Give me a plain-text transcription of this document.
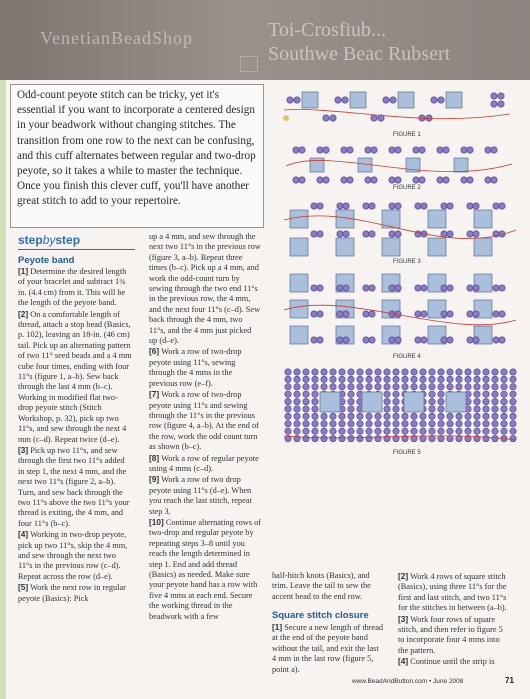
VenetianBeadShop	Toi-Crosfiub...
Southwe Beac Rubsert

Odd-count peyote stitch can be tricky, yet it's essential if you want to incorporate a centered design in your beadwork without changing stitches. The transition from one row to the next can be confusing, and this cuff alternates between regular and two-drop peyote, so it takes a while to master the technique. Once you finish this clever cuff, you'll have another great stitch to add to your repertoire.

stepbystep
Peyote band

[1] Determine the desired length of your bracelet and subtract 1¾ in. (4.4 cm) from it. This will be the length of the peyote band.

[2] On a comfortable length of thread, attach a stop bead (Basics, p. 102), leaving an 18-in. (46 cm) tail. Pick up an alternating pattern of two 11° seed beads and a 4 mm cube four times, ending with four 11°s (figure 1, a–b). Sew back through the last 4 mm (b–c). Working in modified flat two-drop peyote stitch (Stitch Workshop, p. 32), pick up two 11°s, and sew through the next 4 mm (c–d). Repeat twice (d–e).

[3] Pick up two 11°s, and sew through the first two 11°s added in step 1, the next 4 mm, and the next two 11°s (figure 2, a–b). Turn, and sew back through the two 11°s above the two 11°s your thread is exiting, the 4 mm, and four 11°s (b–c).

[4] Working in two-drop peyote, pick up two 11°s, skip the 4 mm, and sew through the next two 11°s in the previous row (c–d). Repeat across the row (d–e).

[5] Work the next row in regular peyote (Basics): Pick

up a 4 mm, and sew through the next two 11°s in the previous row (figure 3, a–b). Repeat three times (b–c). Pick up a 4 mm, and work the odd-count turn by sewing through the two end 11°s in the previous row, the 4 mm, and the next four 11°s (c–d). Sew back through the 4 mm, two 11°s, and the 4 mm just picked up (d–e).

[6] Work a row of two-drop peyote using 11°s, sewing through the 4 mms in the previous row (e–f).

[7] Work a row of two-drop peyote using 11°s and sewing through the 11°s in the previous row (figure 4, a–b). At the end of the row, work the odd count turn as shown (b–c).

[8] Work a row of regular peyote using 4 mms (c–d).

[9] Work a row of two drop peyote using 11°s (d–e). When you reach the last stitch, repeat step 3.

[10] Continue alternating rows of two-drop and regular peyote by repeating steps 3–8 until you reach the length determined in step 1. End and add thread (Basics) as needed. Make sure your peyote band has a row with five 4 mms at each end. Secure the working thread in the beadwork with a few

half-hitch knots (Basics), and trim. Leave the tail to sew the accent bead to the end row.

Square stitch closure

[1] Secure a new length of thread at the end of the peyote band without the tail, and exit the last 4 mm in the last row (figure 5, point a).

[2] Work 4 rows of square stitch (Basics), using three 11°s for the first and last stitch, and two 11°s for the stitches in between (a–b).

[3] Work four rows of square stitch, and then refer to figure 5 to incorporate four 4 mms into the pattern.

[4] Continue until the strip is

FIGURE 1
FIGURE 2
FIGURE 3
FIGURE 4
FIGURE 5
www.BeadAndButton.com • June 2008	71
